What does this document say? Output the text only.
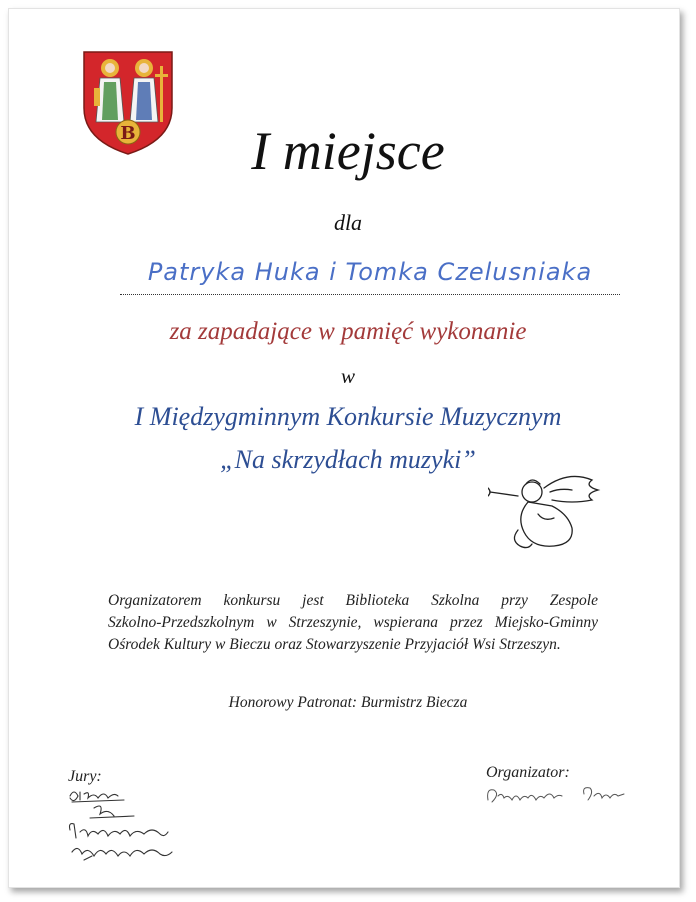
B	I miejsce
dla
Patryka Huka i Tomka Czelusniaka
za zapadające w pamięć wykonanie
w
I Międzygminnym Konkursie Muzycznym
„Na skrzydłach muzyki”
Organizatorem konkursu jest Biblioteka Szkolna przy Zespole
Szkolno-Przedszkolnym w Strzeszynie, wspierana przez Miejsko-Gminny
Ośrodek Kultury w Bieczu oraz Stowarzyszenie Przyjaciół Wsi Strzeszyn.
Honorowy Patronat: Burmistrz Biecza
Jury:	Organizator:
